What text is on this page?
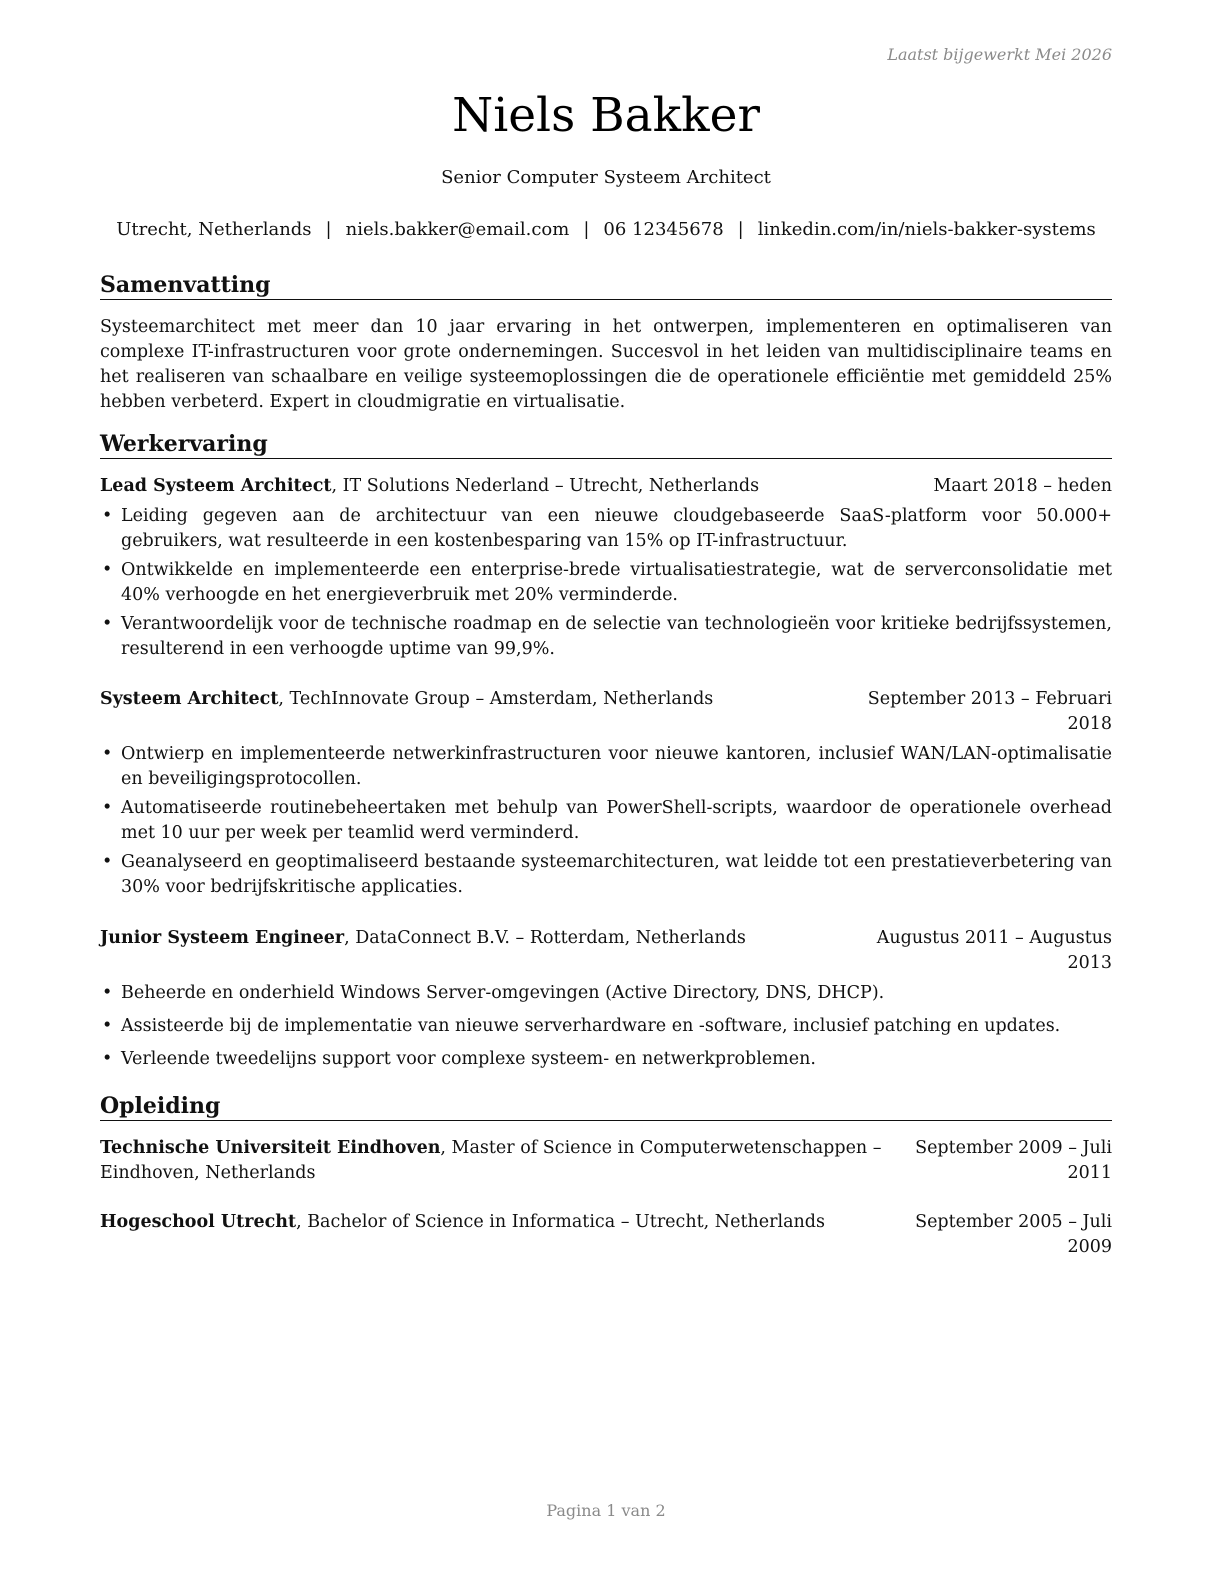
Laatst bijgewerkt Mei 2026
Niels Bakker
Senior Computer Systeem Architect
Utrecht, Netherlands | niels.bakker@email.com | 06 12345678 | linkedin.com/in/niels-bakker-systems
Samenvatting
Systeemarchitect met meer dan 10 jaar ervaring in het ontwerpen, implementeren en optimaliseren van complexe IT-infrastructuren voor grote ondernemingen. Succesvol in het leiden van multidisciplinaire teams en het realiseren van schaalbare en veilige systeemoplossingen die de operationele efficiëntie met gemiddeld 25% hebben verbeterd. Expert in cloudmigratie en virtualisatie.
Werkervaring
Lead Systeem Architect, IT Solutions Nederland – Utrecht, Netherlands	Maart 2018 – heden
• Leiding gegeven aan de architectuur van een nieuwe cloudgebaseerde SaaS-platform voor 50.000+ gebruikers, wat resulteerde in een kostenbesparing van 15% op IT-infrastructuur.
• Ontwikkelde en implementeerde een enterprise-brede virtualisatiestrategie, wat de serverconsolidatie met 40% verhoogde en het energieverbruik met 20% verminderde.
• Verantwoordelijk voor de technische roadmap en de selectie van technologieën voor kritieke bedrijfssystemen, resulterend in een verhoogde uptime van 99,9%.
Systeem Architect, TechInnovate Group – Amsterdam, Netherlands	September 2013 – Februari
2018
• Ontwierp en implementeerde netwerkinfrastructuren voor nieuwe kantoren, inclusief WAN/LAN-optimalisatie en beveiligingsprotocollen.
• Automatiseerde routinebeheertaken met behulp van PowerShell-scripts, waardoor de operationele overhead met 10 uur per week per teamlid werd verminderd.
• Geanalyseerd en geoptimaliseerd bestaande systeemarchitecturen, wat leidde tot een prestatieverbetering van 30% voor bedrijfskritische applicaties.
Junior Systeem Engineer, DataConnect B.V. – Rotterdam, Netherlands	Augustus 2011 – Augustus
2013
• Beheerde en onderhield Windows Server-omgevingen (Active Directory, DNS, DHCP).
• Assisteerde bij de implementatie van nieuwe serverhardware en -software, inclusief patching en updates.
• Verleende tweedelijns support voor complexe systeem- en netwerkproblemen.
Opleiding
Technische Universiteit Eindhoven, Master of Science in Computerwetenschappen –
Eindhoven, Netherlands
September 2009 – Juli
2011
Hogeschool Utrecht, Bachelor of Science in Informatica – Utrecht, Netherlands	September 2005 – Juli
2009
Pagina 1 van 2
